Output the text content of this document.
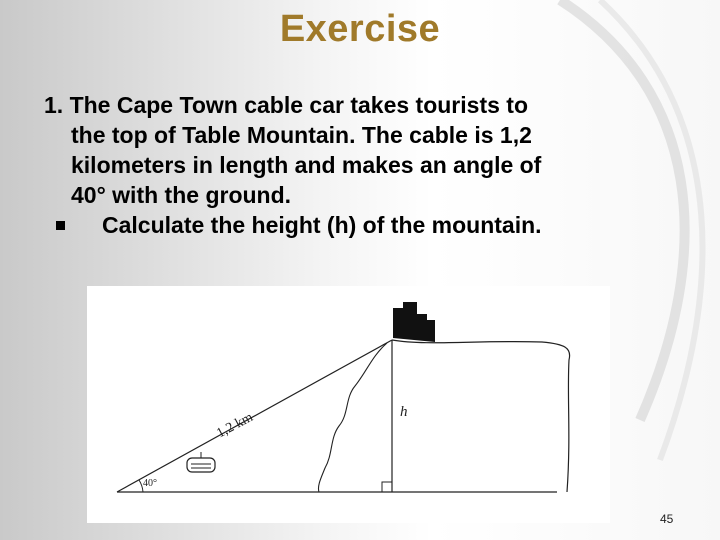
Exercise
1. The Cape Town cable car takes tourists to
the top of Table Mountain. The cable is 1,2
kilometers in length and makes an angle of
40° with the ground.
Calculate the height (h) of the mountain.
1,2 km
40°
h
45
